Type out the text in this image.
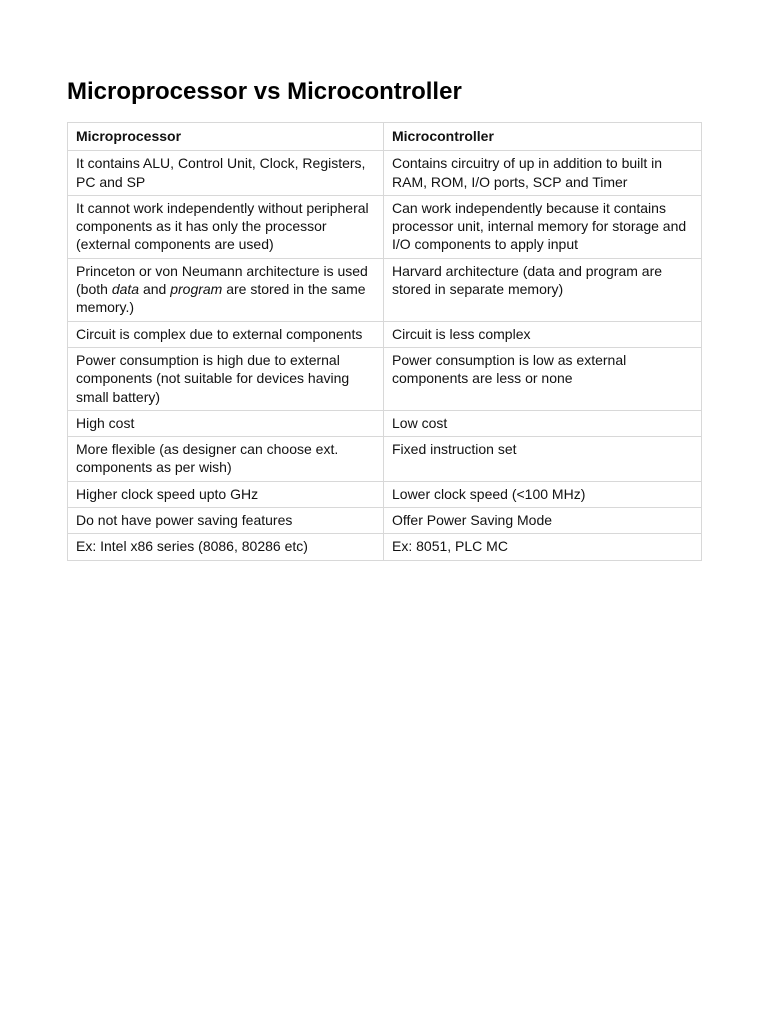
Microprocessor vs Microcontroller
Microprocessor	Microcontroller
It contains ALU, Control Unit, Clock, Registers, PC and SP	Contains circuitry of up in addition to built in RAM, ROM, I/O ports, SCP and Timer
It cannot work independently without peripheral components as it has only the processor (external components are used)	Can work independently because it contains processor unit, internal memory for storage and I/O components to apply input
Princeton or von Neumann architecture is used (both data and program are stored in the same memory.)	Harvard architecture (data and program are stored in separate memory)
Circuit is complex due to external components	Circuit is less complex
Power consumption is high due to external components (not suitable for devices having small battery)	Power consumption is low as external components are less or none
High cost	Low cost
More flexible (as designer can choose ext. components as per wish)	Fixed instruction set
Higher clock speed upto GHz	Lower clock speed (<100 MHz)
Do not have power saving features	Offer Power Saving Mode
Ex: Intel x86 series (8086, 80286 etc)	Ex: 8051, PLC MC
